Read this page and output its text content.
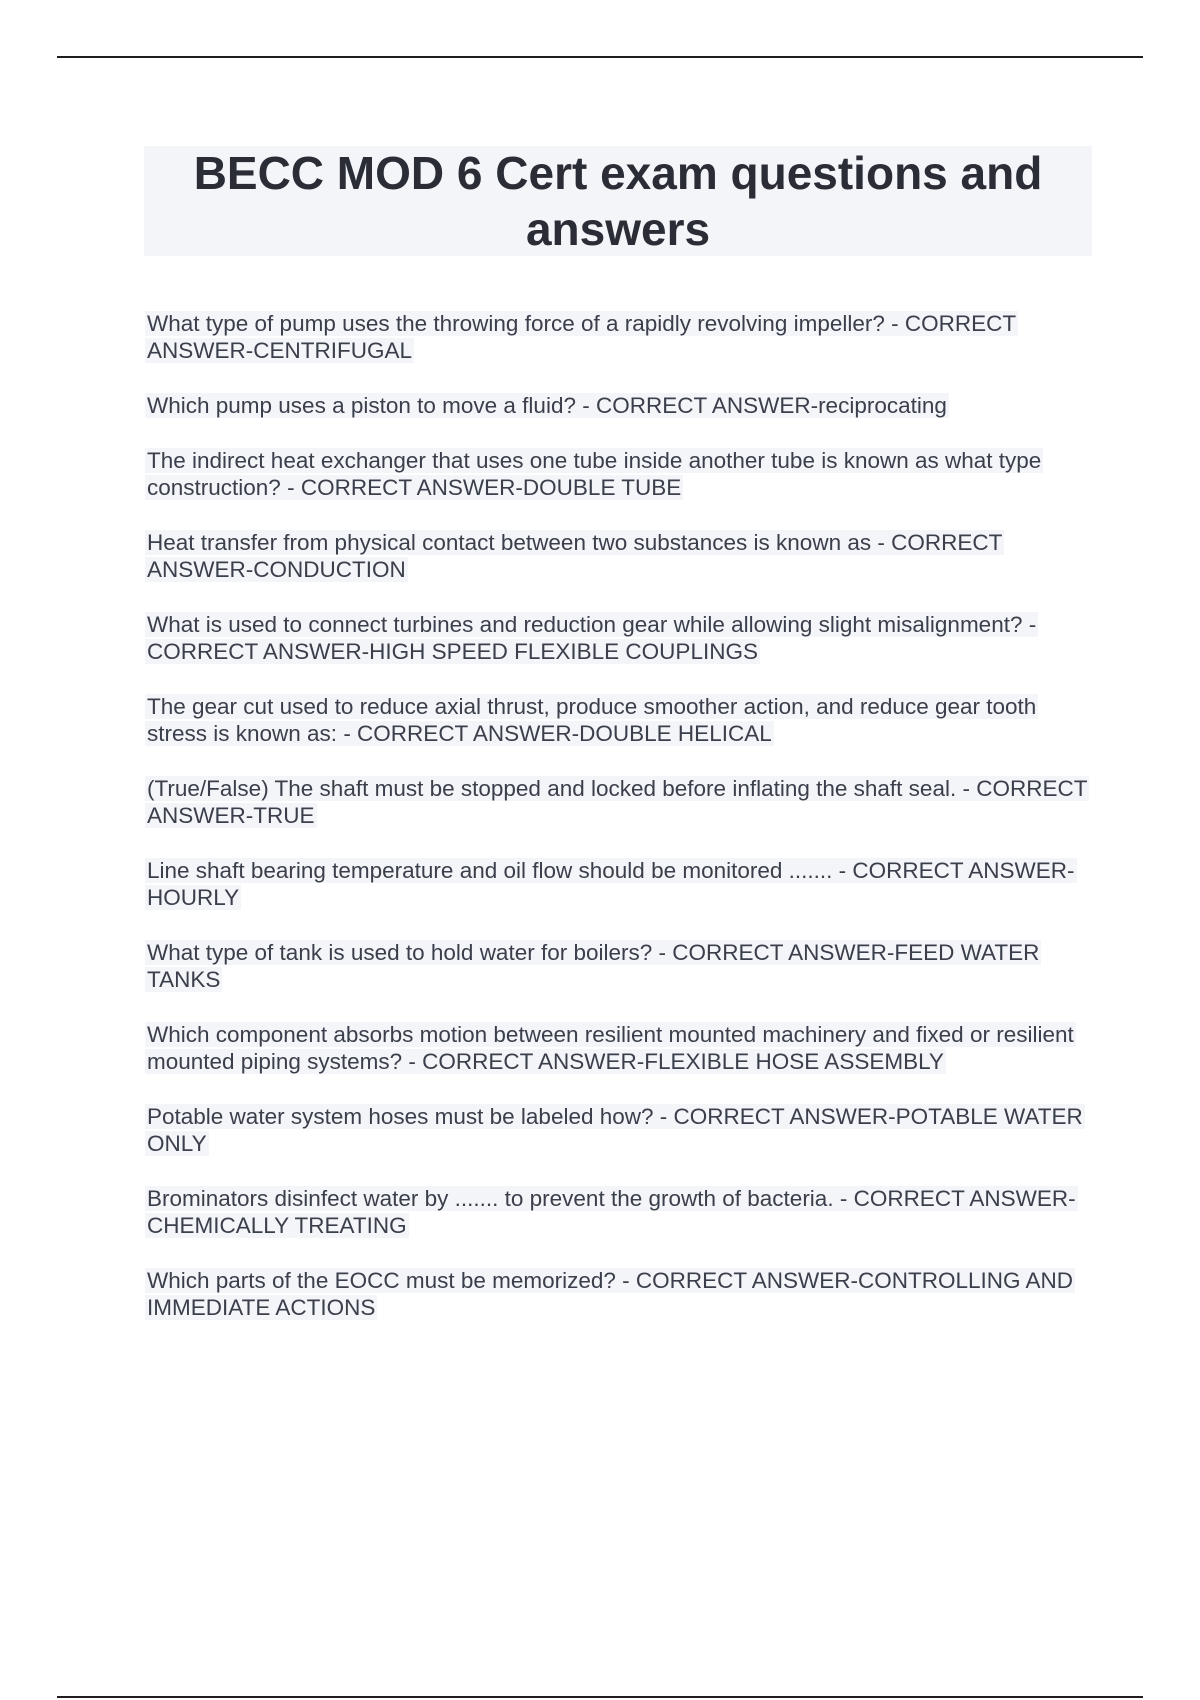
BECC MOD 6 Cert exam questions and answers
What type of pump uses the throwing force of a rapidly revolving impeller? - CORRECT ANSWER-CENTRIFUGAL
Which pump uses a piston to move a fluid? - CORRECT ANSWER-reciprocating
The indirect heat exchanger that uses one tube inside another tube is known as what type construction? - CORRECT ANSWER-DOUBLE TUBE
Heat transfer from physical contact between two substances is known as - CORRECT ANSWER-CONDUCTION
What is used to connect turbines and reduction gear while allowing slight misalignment? - CORRECT ANSWER-HIGH SPEED FLEXIBLE COUPLINGS
The gear cut used to reduce axial thrust, produce smoother action, and reduce gear tooth stress is known as: - CORRECT ANSWER-DOUBLE HELICAL
(True/False) The shaft must be stopped and locked before inflating the shaft seal. - CORRECT ANSWER-TRUE
Line shaft bearing temperature and oil flow should be monitored ....... - CORRECT ANSWER-HOURLY
What type of tank is used to hold water for boilers? - CORRECT ANSWER-FEED WATER TANKS
Which component absorbs motion between resilient mounted machinery and fixed or resilient mounted piping systems? - CORRECT ANSWER-FLEXIBLE HOSE ASSEMBLY
Potable water system hoses must be labeled how? - CORRECT ANSWER-POTABLE WATER ONLY
Brominators disinfect water by ....... to prevent the growth of bacteria. - CORRECT ANSWER-CHEMICALLY TREATING
Which parts of the EOCC must be memorized? - CORRECT ANSWER-CONTROLLING AND IMMEDIATE ACTIONS
